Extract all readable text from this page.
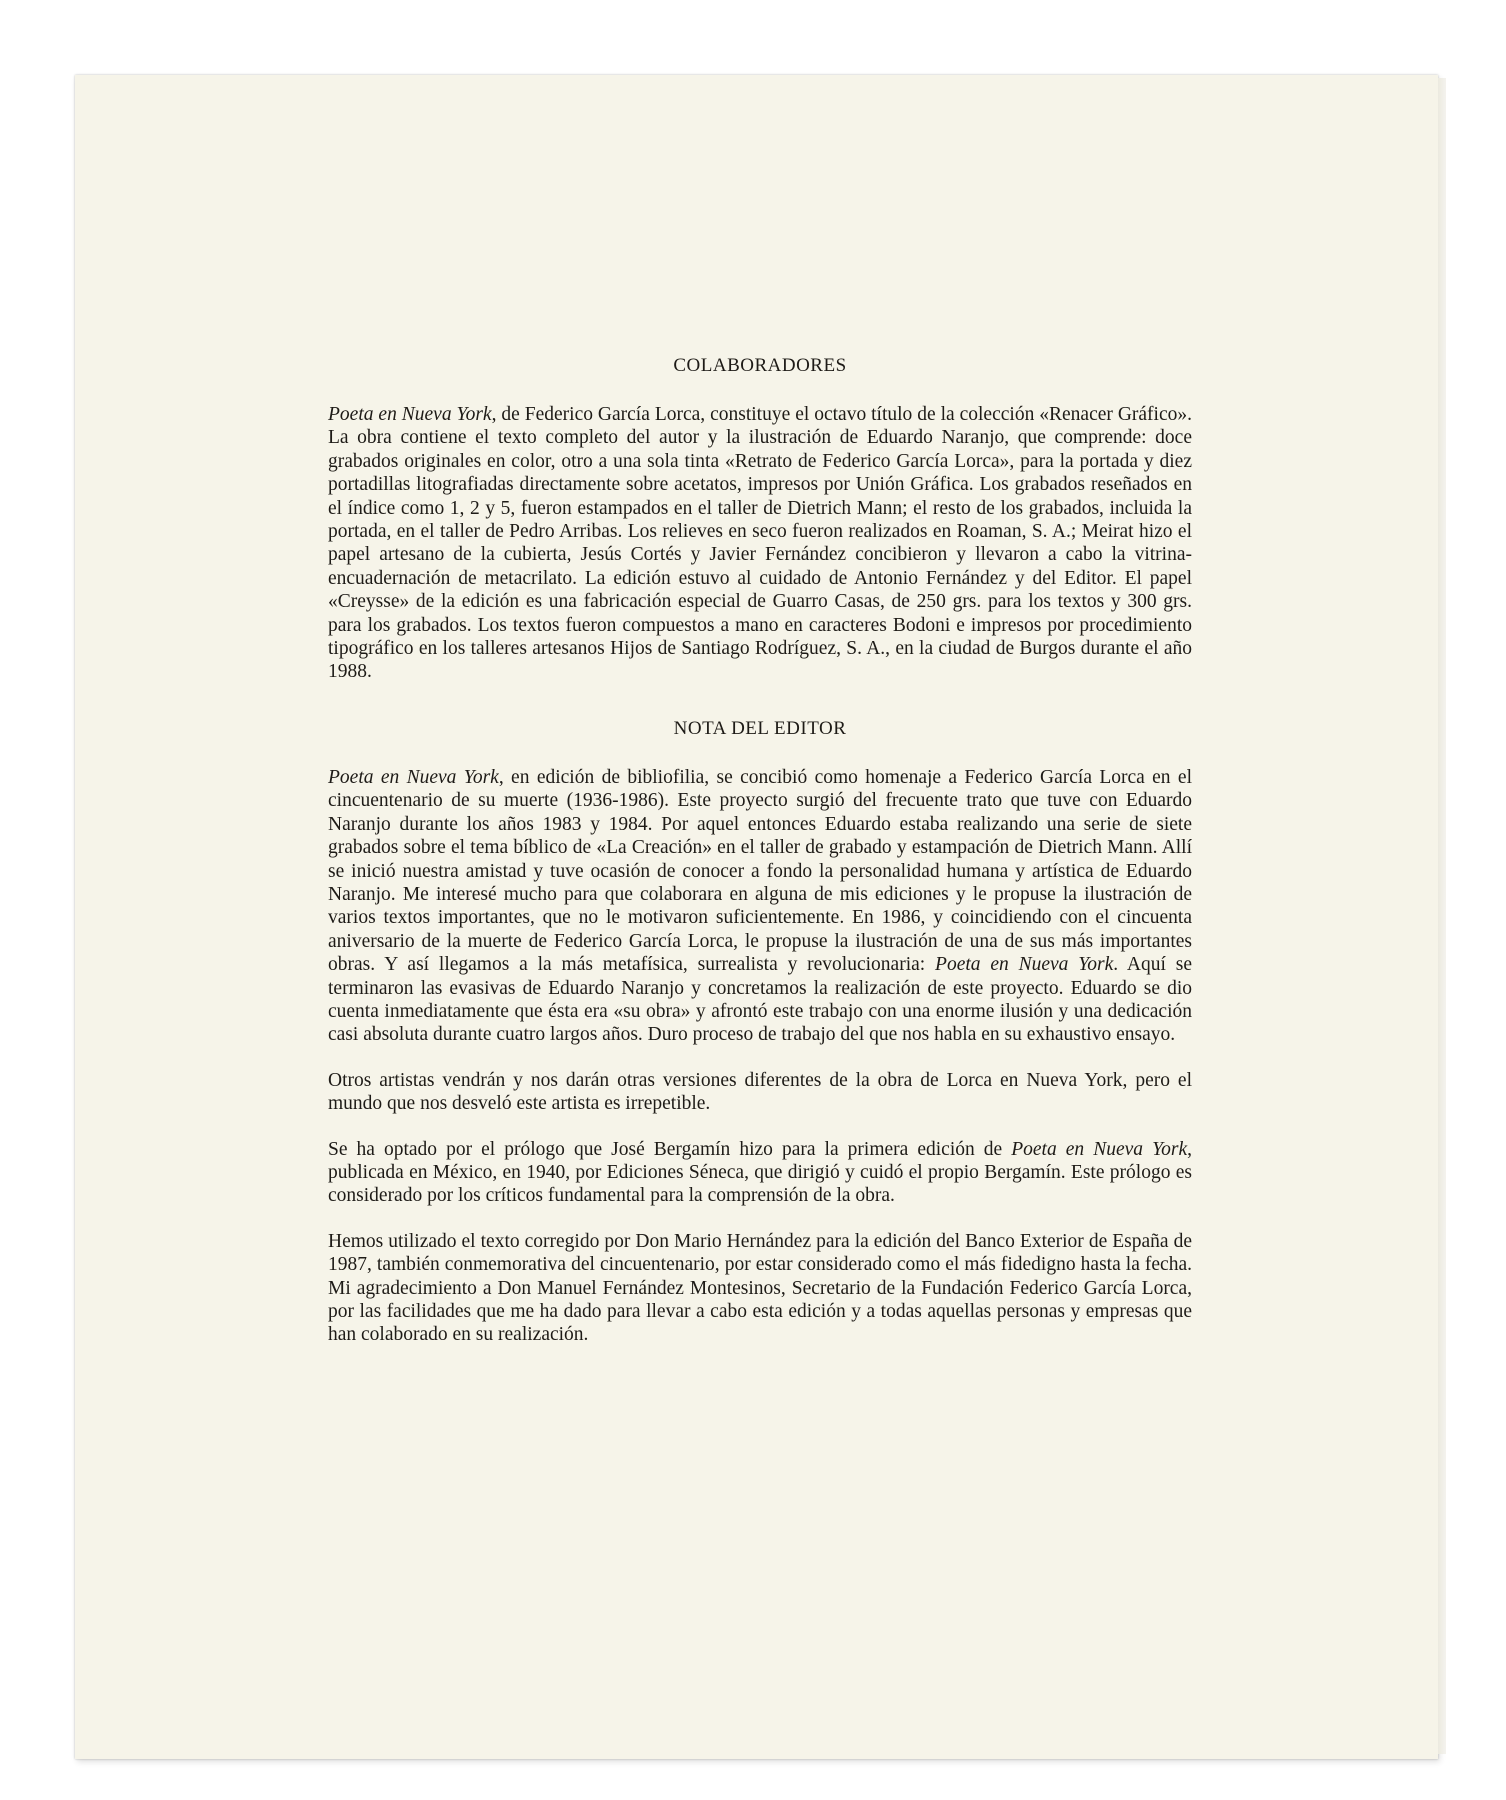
COLABORADORES

Poeta en Nueva York, de Federico García Lorca, constituye el octavo título de la colección «Renacer Gráfico». La obra contiene el texto completo del autor y la ilustración de Eduardo Naranjo, que comprende: doce grabados originales en color, otro a una sola tinta «Retrato de Federico García Lorca», para la portada y diez portadillas litografiadas directamente sobre acetatos, impresos por Unión Gráfica. Los grabados reseñados en el índice como 1, 2 y 5, fueron estampados en el taller de Dietrich Mann; el resto de los grabados, incluida la portada, en el taller de Pedro Arribas. Los relieves en seco fueron realizados en Roaman, S. A.; Meirat hizo el papel artesano de la cubierta, Jesús Cortés y Javier Fernández concibieron y llevaron a cabo la vitrina-encuadernación de metacrilato. La edición estuvo al cuidado de Antonio Fernández y del Editor. El papel «Creysse» de la edición es una fabricación especial de Guarro Casas, de 250 grs. para los textos y 300 grs. para los grabados. Los textos fueron compuestos a mano en caracteres Bodoni e impresos por procedimiento tipográfico en los talleres artesanos Hijos de Santiago Rodríguez, S. A., en la ciudad de Burgos durante el año 1988.

NOTA DEL EDITOR

Poeta en Nueva York, en edición de bibliofilia, se concibió como homenaje a Federico García Lorca en el cincuentenario de su muerte (1936-1986). Este proyecto surgió del frecuente trato que tuve con Eduardo Naranjo durante los años 1983 y 1984. Por aquel entonces Eduardo estaba realizando una serie de siete grabados sobre el tema bíblico de «La Creación» en el taller de grabado y estampación de Dietrich Mann. Allí se inició nuestra amistad y tuve ocasión de conocer a fondo la personalidad humana y artística de Eduardo Naranjo. Me interesé mucho para que colaborara en alguna de mis ediciones y le propuse la ilustración de varios textos importantes, que no le motivaron suficientemente. En 1986, y coincidiendo con el cincuenta aniversario de la muerte de Federico García Lorca, le propuse la ilustración de una de sus más importantes obras. Y así llegamos a la más metafísica, surrealista y revolucionaria: Poeta en Nueva York. Aquí se terminaron las evasivas de Eduardo Naranjo y concretamos la realización de este proyecto. Eduardo se dio cuenta inmediatamente que ésta era «su obra» y afrontó este trabajo con una enorme ilusión y una dedicación casi absoluta durante cuatro largos años. Duro proceso de trabajo del que nos habla en su exhaustivo ensayo.

Otros artistas vendrán y nos darán otras versiones diferentes de la obra de Lorca en Nueva York, pero el mundo que nos desveló este artista es irrepetible.

Se ha optado por el prólogo que José Bergamín hizo para la primera edición de Poeta en Nueva York, publicada en México, en 1940, por Ediciones Séneca, que dirigió y cuidó el propio Bergamín. Este prólogo es considerado por los críticos fundamental para la comprensión de la obra.

Hemos utilizado el texto corregido por Don Mario Hernández para la edición del Banco Exterior de España de 1987, también conmemorativa del cincuentenario, por estar considerado como el más fidedigno hasta la fecha. Mi agradecimiento a Don Manuel Fernández Montesinos, Secretario de la Fundación Federico García Lorca, por las facilidades que me ha dado para llevar a cabo esta edición y a todas aquellas personas y empresas que han colaborado en su realización.
